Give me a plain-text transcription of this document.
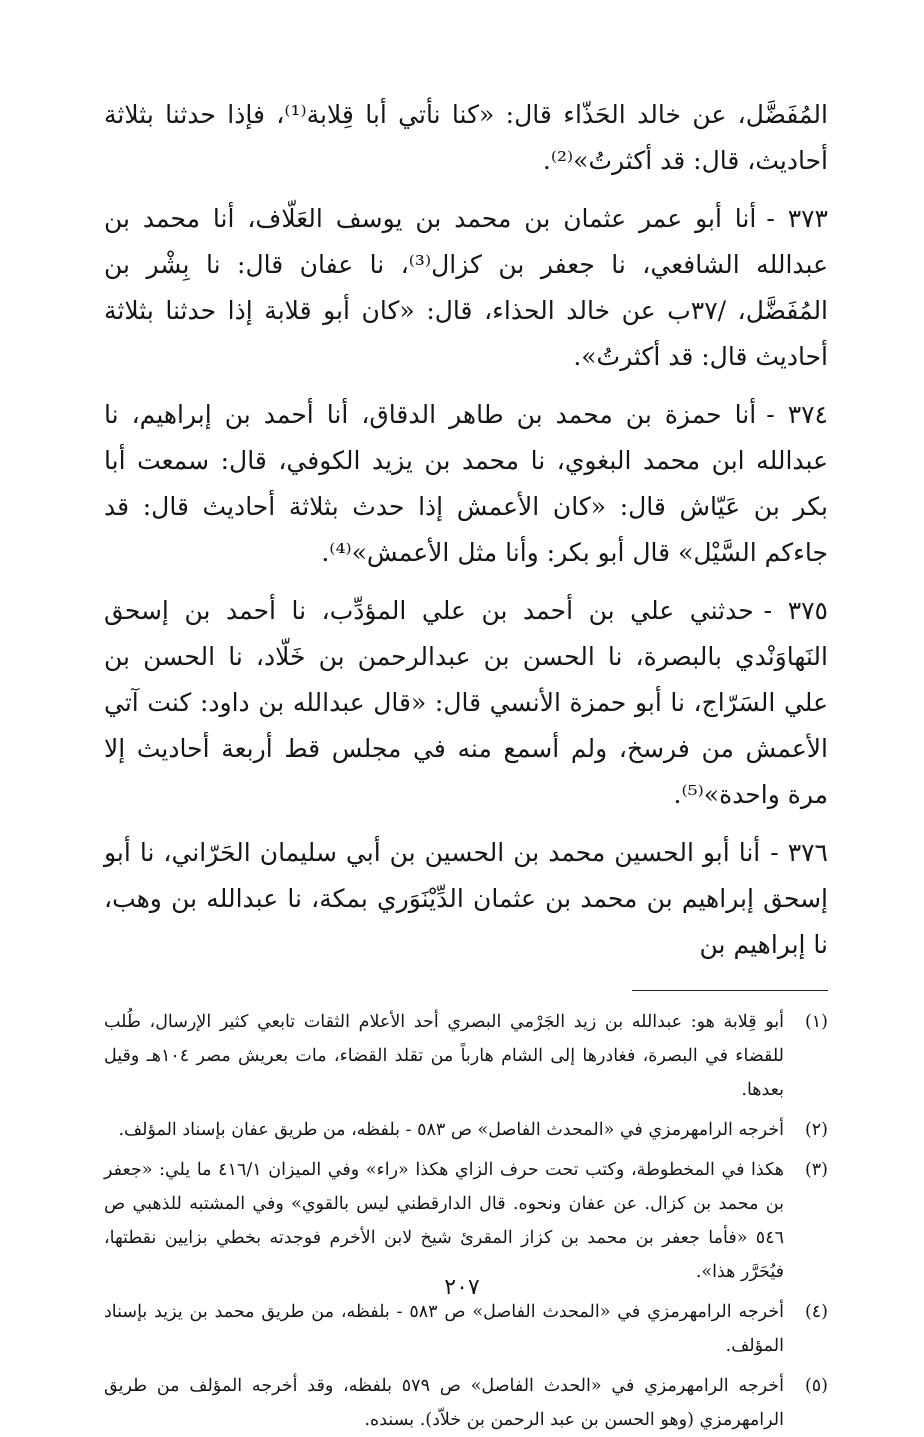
المُفَضَّل، عن خالد الحَذّاء قال: «كنا نأتي أبا قِلابة⁽¹⁾، فإذا حدثنا بثلاثة أحاديث، قال: قد أكثرتُ»⁽²⁾.

٣٧٣ -أنا أبو عمر عثمان بن محمد بن يوسف العَلّاف، أنا محمد بن عبدالله الشافعي، نا جعفر بن كزال⁽³⁾، نا عفان قال: نا بِشْر بن المُفَضَّل، /٣٧ب عن خالد الحذاء، قال: «كان أبو قلابة إذا حدثنا بثلاثة أحاديث قال: قد أكثرتُ».

٣٧٤ -أنا حمزة بن محمد بن طاهر الدقاق، أنا أحمد بن إبراهيم، نا عبدالله ابن محمد البغوي، نا محمد بن يزيد الكوفي، قال: سمعت أبا بكر بن عَيّاش قال: «كان الأعمش إذا حدث بثلاثة أحاديث قال: قد جاءكم السَّيْل» قال أبو بكر: وأنا مثل الأعمش»⁽⁴⁾.

٣٧٥ -حدثني علي بن أحمد بن علي المؤدِّب، نا أحمد بن إسحق النَهاوَنْدي بالبصرة، نا الحسن بن عبدالرحمن بن خَلّاد، نا الحسن بن علي السَرّاج، نا أبو حمزة الأنسي قال: «قال عبدالله بن داود: كنت آتي الأعمش من فرسخ، ولم أسمع منه في مجلس قط أربعة أحاديث إلا مرة واحدة»⁽⁵⁾.

٣٧٦ -أنا أبو الحسين محمد بن الحسين بن أبي سليمان الحَرّاني، نا أبو إسحق إبراهيم بن محمد بن عثمان الدِّيْنَوَري بمكة، نا عبدالله بن وهب، نا إبراهيم بن

(١)
أبو قِلابة هو: عبدالله بن زيد الجَرْمي البصري أحد الأعلام الثقات تابعي كثير الإرسال، طُلب للقضاء في البصرة، فغادرها إلى الشام هارباً من تقلد القضاء، مات بعريش مصر ١٠٤هـ وقيل بعدها.
(٢)
أخرجه الرامهرمزي في «المحدث الفاصل» ص ٥٨٣ - بلفظه، من طريق عفان بإسناد المؤلف.
(٣)
هكذا في المخطوطة، وكتب تحت حرف الزاي هكذا «راء» وفي الميزان ٤١٦/١ ما يلي: «جعفر بن محمد بن كزال. عن عفان ونحوه. قال الدارقطني ليس بالقوي» وفي المشتبه للذهبي ص ٥٤٦ «فأما جعفر بن محمد بن كزاز المقرئ شيخ لابن الأخرم فوجدته بخطي بزايين نقطتها، فيُحَرَّر هذا».
(٤)
أخرجه الرامهرمزي في «المحدث الفاصل» ص ٥٨٣ - بلفظه، من طريق محمد بن يزيد بإسناد المؤلف.
(٥)
أخرجه الرامهرمزي في «الحدث الفاصل» ص ٥٧٩ بلفظه، وقد أخرجه المؤلف من طريق الرامهرمزي (وهو الحسن بن عبد الرحمن بن خلاّد). بسنده.
٢٠٧
